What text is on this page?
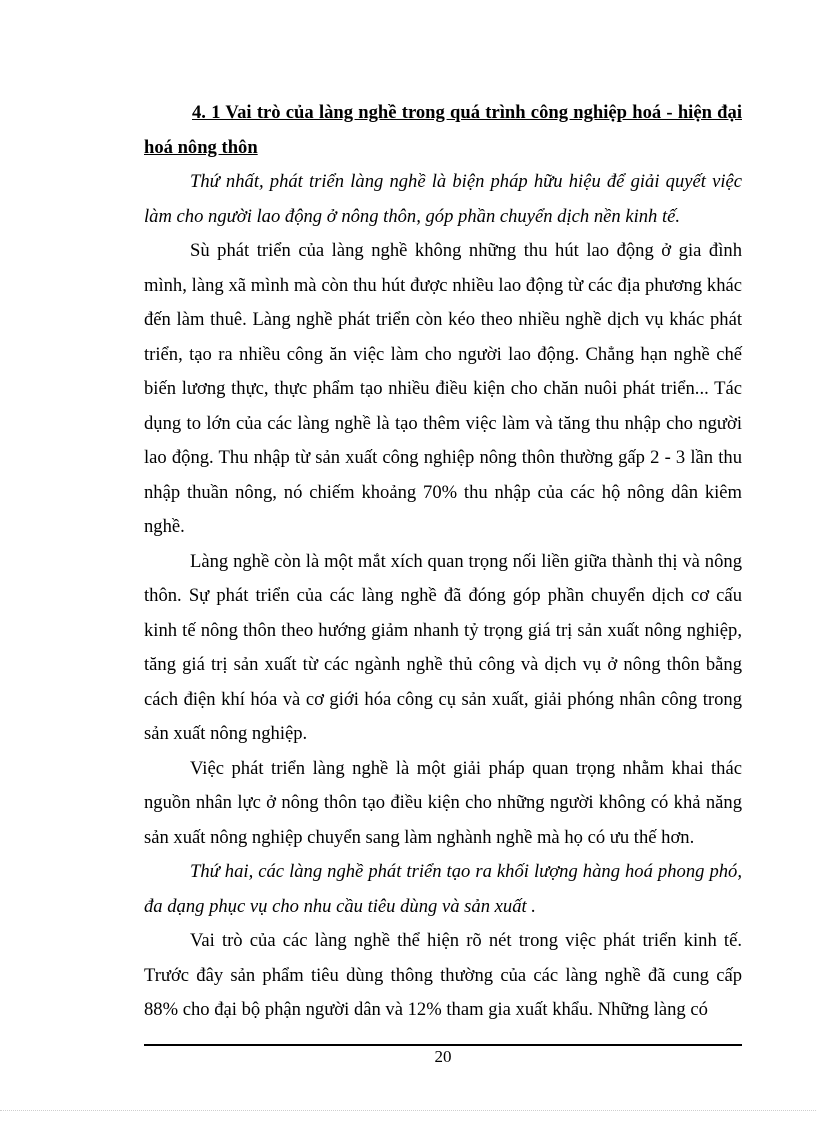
4. 1 Vai trò của làng nghề trong quá trình công nghiệp hoá - hiện đại hoá nông thôn

Thứ nhất, phát triển làng nghề là biện pháp hữu hiệu để giải quyết việc làm cho người lao động ở nông thôn, góp phần chuyển dịch nền kinh tế.

Sù phát triển của làng nghề không những thu hút lao động ở gia đình mình, làng xã mình mà còn thu hút được nhiều lao động từ các địa phương khác đến làm thuê. Làng nghề phát triển còn kéo theo nhiều nghề dịch vụ khác phát triển, tạo ra nhiều công ăn việc làm cho người lao động. Chẳng hạn nghề chế biến lương thực, thực phẩm tạo nhiều điều kiện cho chăn nuôi phát triển... Tác dụng to lớn của các làng nghề là tạo thêm việc làm và tăng thu nhập cho người lao động. Thu nhập từ sản xuất công nghiệp nông thôn thường gấp 2 - 3 lần thu nhập thuần nông, nó chiếm khoảng 70% thu nhập của các hộ nông dân kiêm nghề.

Làng nghề còn là một mắt xích quan trọng nối liền giữa thành thị và nông thôn. Sự phát triển của các làng nghề đã đóng góp phần chuyển dịch cơ cấu kinh tế nông thôn theo hướng giảm nhanh tỷ trọng giá trị sản xuất nông nghiệp, tăng giá trị sản xuất từ các ngành nghề thủ công và dịch vụ ở nông thôn bằng cách điện khí hóa và cơ giới hóa công cụ sản xuất, giải phóng nhân công trong sản xuất nông nghiệp.

Việc phát triển làng nghề là một giải pháp quan trọng nhằm khai thác nguồn nhân lực ở nông thôn tạo điều kiện cho những người không có khả năng sản xuất nông nghiệp chuyển sang làm nghành nghề mà họ có ưu thế hơn.

Thứ hai, các làng nghề phát triển tạo ra khối lượng hàng hoá phong phó, đa dạng phục vụ cho nhu cầu tiêu dùng và sản xuất .

Vai trò của các làng nghề thể hiện rõ nét trong việc phát triển kinh tế. Trước đây sản phẩm tiêu dùng thông thường của các làng nghề đã cung cấp 88% cho đại bộ phận người dân và 12% tham gia xuất khẩu. Những làng có

20
